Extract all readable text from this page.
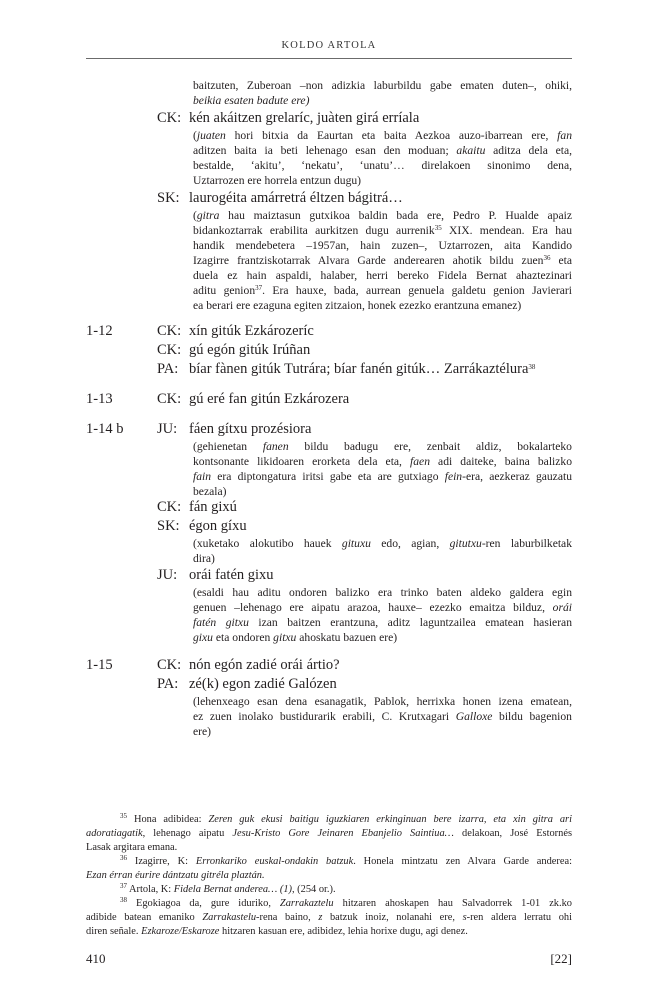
KOLDO ARTOLA
baitzuten, Zuberoan –non adizkia laburbildu gabe ematen duten–, ohiki,
beikia esaten badute ere)
CK: kén akáitzen grelaríc, juàten girá erríala
(juaten hori bitxia da Eaurtan eta baita Aezkoa auzo-ibarrean ere, fan
aditzen baita ia beti lehenago esan den moduan; akaitu aditza dela eta,
bestalde, ‘akitu’, ‘nekatu’, ‘unatu’… direlakoen sinonimo dena,
Uztarrozen ere horrela entzun dugu)
SK: laurogéita amárretrá éltzen bágitrá…
(gitra hau maiztasun gutxikoa baldin bada ere, Pedro P. Hualde apaiz
bidankoztarrak erabilita aurkitzen dugu aurrenik$^{35}$ XIX. mendean. Era hau
handik mendebetera –1957an, hain zuzen–, Uztarrozen, aita Kandido
Izagirre frantziskotarrak Alvara Garde anderearen ahotik bildu zuen$^{36}$ eta
duela ez hain aspaldi, halaber, herri bereko Fidela Bernat ahaztezinari
aditu genion$^{37}$. Era hauxe, bada, aurrean genuela galdetu genion Javierari
ea berari ere ezaguna egiten zitzaion, honek ezezko erantzuna emanez)
1-12	CK: xín gitúk Ezkározeríc
CK: gú egón gitúk Irúñan
PA: bíar fànen gitúk Tutrára; bíar fanén gitúk… Zarrákaztélura$^{38}$
1-13	CK: gú eré fan gitún Ezkározera
1-14 b JU: fáen gítxu prozésiora
(gehienetan fanen bildu badugu ere, zenbait aldiz, bokalarteko
kontsonante likidoaren erorketa dela eta, faen adi daiteke, baina balizko
fain era diptongatura iritsi gabe eta are gutxiago fein-era, aezkeraz gauzatu
bezala)
CK: fán gixú
SK: égon gíxu
(xuketako alokutibo hauek gituxu edo, agian, gitutxu-ren laburbilketak
dira)
JU: orái fatén gixu
(esaldi hau aditu ondoren balizko era trinko baten aldeko galdera egin
genuen –lehenago ere aipatu arazoa, hauxe– ezezko emaitza bilduz, orái
fatén gitxu izan baitzen erantzuna, aditz laguntzailea ematean hasieran
gixu eta ondoren gitxu ahoskatu bazuen ere)
1-15	CK: nón egón zadié orái ártio?
PA: zé(k) egon zadié Galózen
(lehenxeago esan dena esanagatik, Pablok, herrixka honen izena ematean,
ez zuen inolako bustidurarik erabili, C. Krutxagari Galloxe bildu bagenion
ere)
$^{35}$ Hona adibidea: Zeren guk ekusi baitigu iguzkiaren erkinginuan bere izarra, eta xin gitra ari
adoratiagatik, lehenago aipatu Jesu-Kristo Gore Jeinaren Ebanjelio Saintiua… delakoan, José Estornés
Lasak argitara emana.
$^{36}$ Izagirre, K: Erronkariko euskal-ondakin batzuk. Honela mintzatu zen Alvara Garde anderea:
Ezan érran éurire dántzatu gitréla plaztán.
$^{37}$ Artola, K: Fidela Bernat anderea… (1), (254 or.).
$^{38}$ Egokiagoa da, gure iduriko, Zarrakaztelu hitzaren ahoskapen hau Salvadorrek 1-01 zk.ko
adibide batean emaniko Zarrakastelu-rena baino, z batzuk inoiz, nolanahi ere, s-ren aldera lerratu ohi
diren señale. Ezkaroze/Eskaroze hitzaren kasuan ere, adibidez, lehia horixe dugu, agi denez.
410	[22]
